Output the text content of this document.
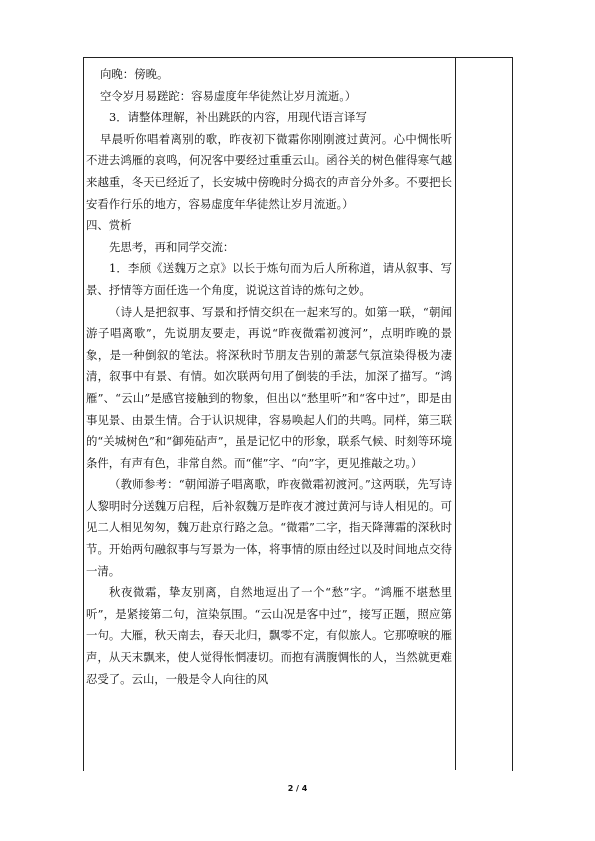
向晚：傍晚。

空令岁月易蹉跎：容易虚度年华徒然让岁月流逝。）

3．请整体理解，补出跳跃的内容，用现代语言译写

早晨听你唱着离别的歌，昨夜初下微霜你刚刚渡过黄河。心中惆怅听不进去鸿雁的哀鸣，何况客中要经过重重云山。函谷关的树色催得寒气越来越重，冬天已经近了，长安城中傍晚时分捣衣的声音分外多。不要把长安看作行乐的地方，容易虚度年华徒然让岁月流逝。）

四、赏析

先思考，再和同学交流：

1．李颀《送魏万之京》以长于炼句而为后人所称道，请从叙事、写景、抒情等方面任选一个角度，说说这首诗的炼句之妙。

（诗人是把叙事、写景和抒情交织在一起来写的。如第一联，“朝闻游子唱离歌”，先说朋友要走，再说“昨夜微霜初渡河”，点明昨晚的景象，是一种倒叙的笔法。将深秋时节朋友告别的萧瑟气氛渲染得极为凄清，叙事中有景、有情。如次联两句用了倒装的手法，加深了描写。“鸿雁”、“云山”是感官接触到的物象，但出以“愁里听”和“客中过”，即是由事见景、由景生情。合于认识规律，容易唤起人们的共鸣。同样，第三联的“关城树色”和“御苑砧声”，虽是记忆中的形象，联系气候、时刻等环境条件，有声有色，非常自然。而“催”字、“向”字，更见推敲之功。）

（教师参考：“朝闻游子唱离歌，昨夜微霜初渡河。”这两联，先写诗人黎明时分送魏万启程，后补叙魏万是昨夜才渡过黄河与诗人相见的。可见二人相见匆匆，魏万赴京行路之急。“微霜”二字，指天降薄霜的深秋时节。开始两句融叙事与写景为一体，将事情的原由经过以及时间地点交待一清。

秋夜微霜，挚友别离，自然地逗出了一个“愁”字。“鸿雁不堪愁里听”，是紧接第二句，渲染氛围。“云山况是客中过”，接写正题，照应第一句。大雁，秋天南去，春天北归，飘零不定，有似旅人。它那嘹唳的雁声，从天末飘来，使人觉得怅惘凄切。而抱有满腹惆怅的人，当然就更难忍受了。云山，一般是令人向往的风

2 / 4
